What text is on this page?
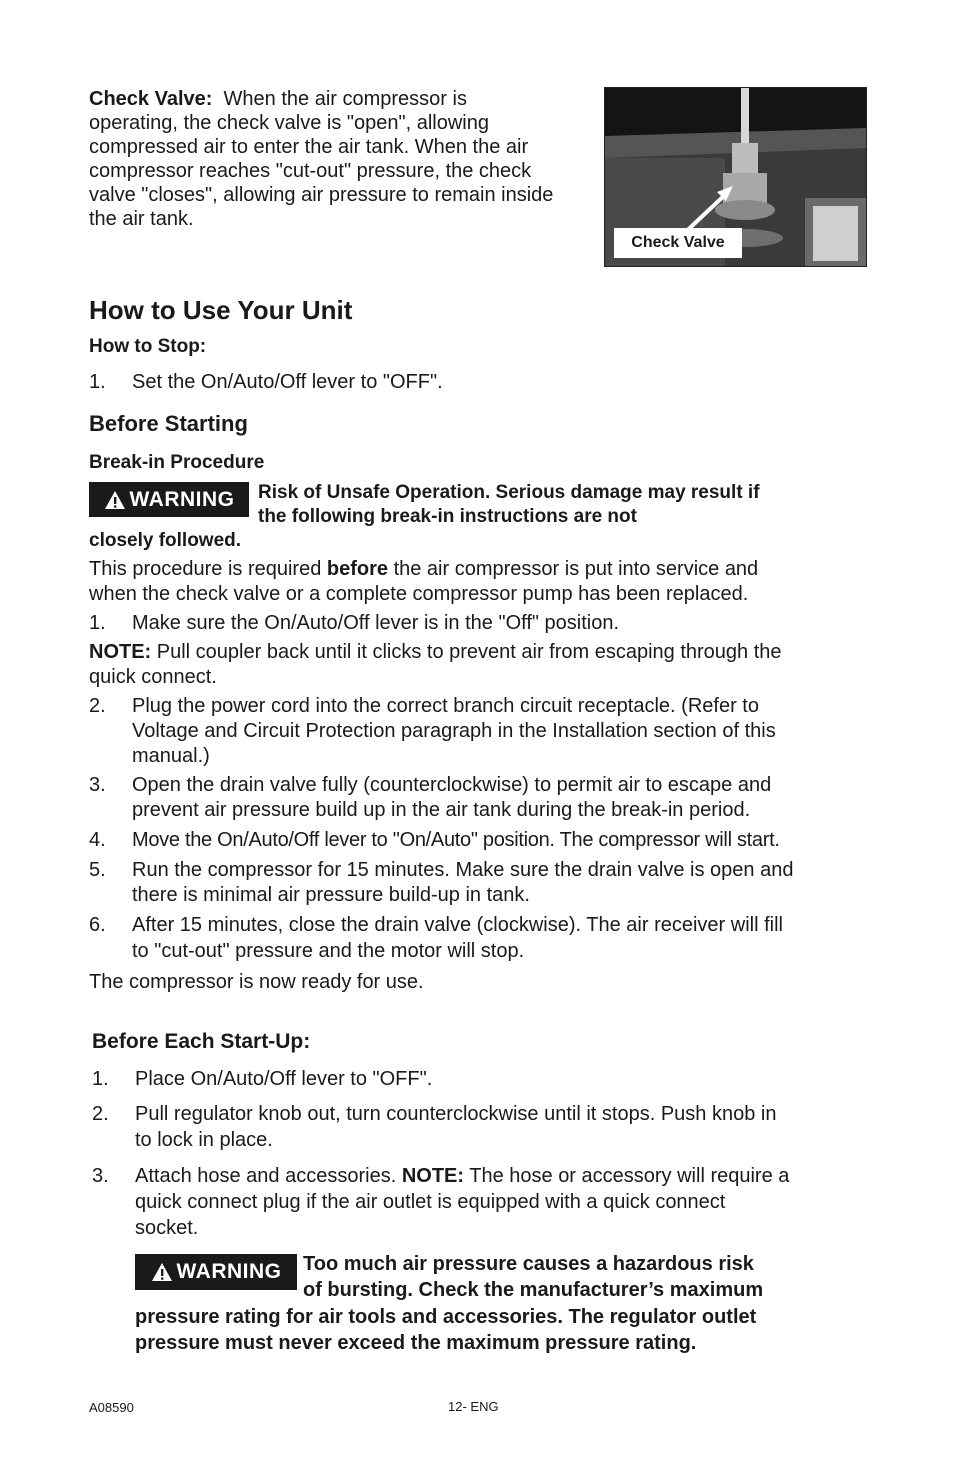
Check Valve: When the air compressor is
operating, the check valve is "open", allowing
compressed air to enter the air tank. When the air
compressor reaches "cut-out" pressure, the check
valve "closes", allowing air pressure to remain inside
the air tank.
Check Valve
How to Use Your Unit
How to Stop:
1. Set the On/Auto/Off lever to "OFF".
Before Starting
Break-in Procedure
WARNING Risk of Unsafe Operation. Serious damage may result if
the following break-in instructions are not
closely followed.
This procedure is required before the air compressor is put into service and
when the check valve or a complete compressor pump has been replaced.
1. Make sure the On/Auto/Off lever is in the "Off" position.
NOTE: Pull coupler back until it clicks to prevent air from escaping through the
quick connect.
2. Plug the power cord into the correct branch circuit receptacle. (Refer to
Voltage and Circuit Protection paragraph in the Installation section of this
manual.)
3. Open the drain valve fully (counterclockwise) to permit air to escape and
prevent air pressure build up in the air tank during the break-in period.
4. Move the On/Auto/Off lever to "On/Auto" position. The compressor will start.
5. Run the compressor for 15 minutes. Make sure the drain valve is open and
there is minimal air pressure build-up in tank.
6. After 15 minutes, close the drain valve (clockwise). The air receiver will fill
to "cut-out" pressure and the motor will stop.
The compressor is now ready for use.
Before Each Start-Up:
1. Place On/Auto/Off lever to "OFF".
2. Pull regulator knob out, turn counterclockwise until it stops. Push knob in
to lock in place.
3. Attach hose and accessories. NOTE: The hose or accessory will require a
quick connect plug if the air outlet is equipped with a quick connect
socket.
WARNING Too much air pressure causes a hazardous risk
of bursting. Check the manufacturer’s maximum
pressure rating for air tools and accessories. The regulator outlet
pressure must never exceed the maximum pressure rating.
A08590	12- ENG
